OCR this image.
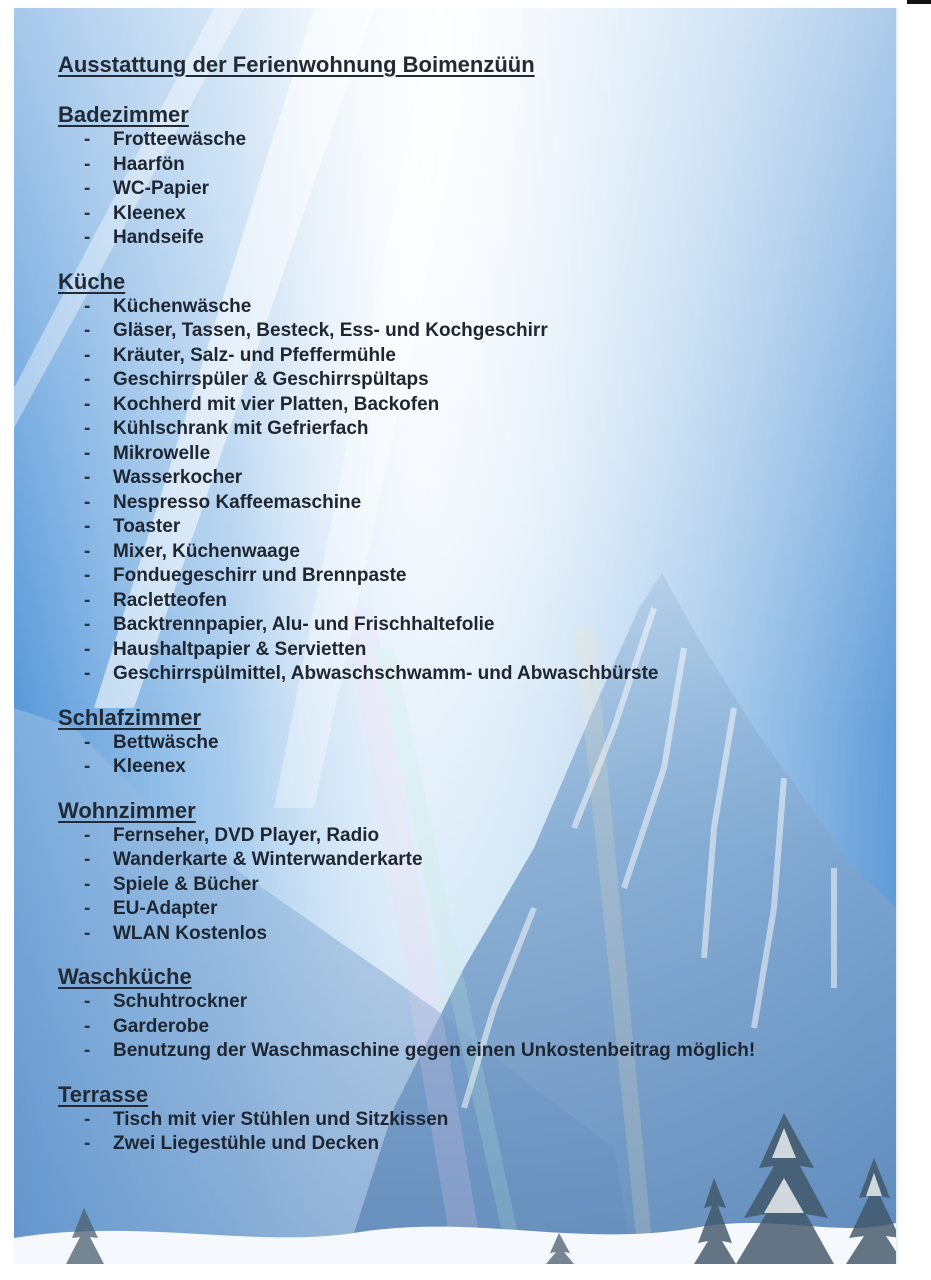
Ausstattung der Ferienwohnung Boimenzüün
Badezimmer
- Frotteewäsche
- Haarfön
- WC-Papier
- Kleenex
- Handseife
Küche
- Küchenwäsche
- Gläser, Tassen, Besteck, Ess- und Kochgeschirr
- Kräuter, Salz- und Pfeffermühle
- Geschirrspüler & Geschirrspültaps
- Kochherd mit vier Platten, Backofen
- Kühlschrank mit Gefrierfach
- Mikrowelle
- Wasserkocher
- Nespresso Kaffeemaschine
- Toaster
- Mixer, Küchenwaage
- Fonduegeschirr und Brennpaste
- Racletteofen
- Backtrennpapier, Alu- und Frischhaltefolie
- Haushaltpapier & Servietten
- Geschirrspülmittel, Abwaschschwamm- und Abwaschbürste
Schlafzimmer
- Bettwäsche
- Kleenex
Wohnzimmer
- Fernseher, DVD Player, Radio
- Wanderkarte & Winterwanderkarte
- Spiele & Bücher
- EU-Adapter
- WLAN Kostenlos
Waschküche
- Schuhtrockner
- Garderobe
- Benutzung der Waschmaschine gegen einen Unkostenbeitrag möglich!
Terrasse
- Tisch mit vier Stühlen und Sitzkissen
- Zwei Liegestühle und Decken
